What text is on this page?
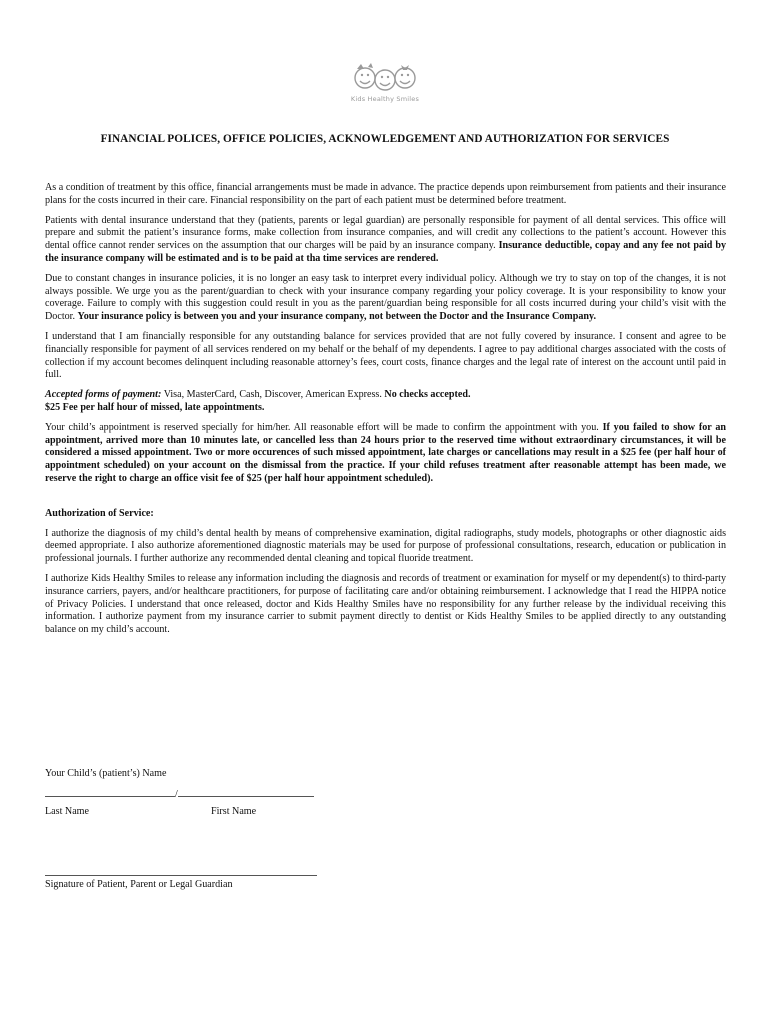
Kids Healthy Smiles
FINANCIAL POLICES, OFFICE POLICIES, ACKNOWLEDGEMENT AND AUTHORIZATION FOR SERVICES

As a condition of treatment by this office, financial arrangements must be made in advance. The practice depends upon reimbursement from patients and their insurance plans for the costs incurred in their care. Financial responsibility on the part of each patient must be determined before treatment.

Patients with dental insurance understand that they (patients, parents or legal guardian) are personally responsible for payment of all dental services. This office will prepare and submit the patient’s insurance forms, make collection from insurance companies, and will credit any collections to the patient’s account. However this dental office cannot render services on the assumption that our charges will be paid by an insurance company. Insurance deductible, copay and any fee not paid by the insurance company will be estimated and is to be paid at tha time services are rendered.

Due to constant changes in insurance policies, it is no longer an easy task to interpret every individual policy. Although we try to stay on top of the changes, it is not always possible. We urge you as the parent/guardian to check with your insurance company regarding your policy coverage. It is your responsibility to know your coverage. Failure to comply with this suggestion could result in you as the parent/guardian being responsible for all costs incurred during your child’s visit with the Doctor. Your insurance policy is between you and your insurance company, not between the Doctor and the Insurance Company.

I understand that I am financially responsible for any outstanding balance for services provided that are not fully covered by insurance. I consent and agree to be financially responsible for payment of all services rendered on my behalf or the behalf of my dependents. I agree to pay additional charges associated with the costs of collection if my account becomes delinquent including reasonable attorney’s fees, court costs, finance charges and the legal rate of interest on the account until paid in full.

Accepted forms of payment: Visa, MasterCard, Cash, Discover, American Express. No checks accepted.
$25 Fee per half hour of missed, late appointments.

Your child’s appointment is reserved specially for him/her. All reasonable effort will be made to confirm the appointment with you. If you failed to show for an appointment, arrived more than 10 minutes late, or cancelled less than 24 hours prior to the reserved time without extraordinary circumstances, it will be considered a missed appointment. Two or more occurences of such missed appointment, late charges or cancellations may result in a $25 fee (per half hour of appointment scheduled) on your account on the dismissal from the practice. If your child refuses treatment after reasonable attempt has been made, we reserve the right to charge an office visit fee of $25 (per half hour appointment scheduled).

Authorization of Service:

I authorize the diagnosis of my child’s dental health by means of comprehensive examination, digital radiographs, study models, photographs or other diagnostic aids deemed appropriate. I also authorize aforementioned diagnostic materials may be used for purpose of professional consultations, research, education or publication in professional journals. I further authorize any recommended dental cleaning and topical fluoride treatment.

I authorize Kids Healthy Smiles to release any information including the diagnosis and records of treatment or examination for myself or my dependent(s) to third-party insurance carriers, payers, and/or healthcare practitioners, for purpose of facilitating care and/or obtaining reimbursement. I acknowledge that I read the HIPPA notice of Privacy Policies. I understand that once released, doctor and Kids Healthy Smiles have no responsibility for any further release by the individual receiving this information. I authorize payment from my insurance carrier to submit payment directly to dentist or Kids Healthy Smiles to be applied directly to any outstanding balance on my child’s account.

Your Child’s (patient’s) Name
/
Last Name	First Name
Signature of Patient, Parent or Legal Guardian
